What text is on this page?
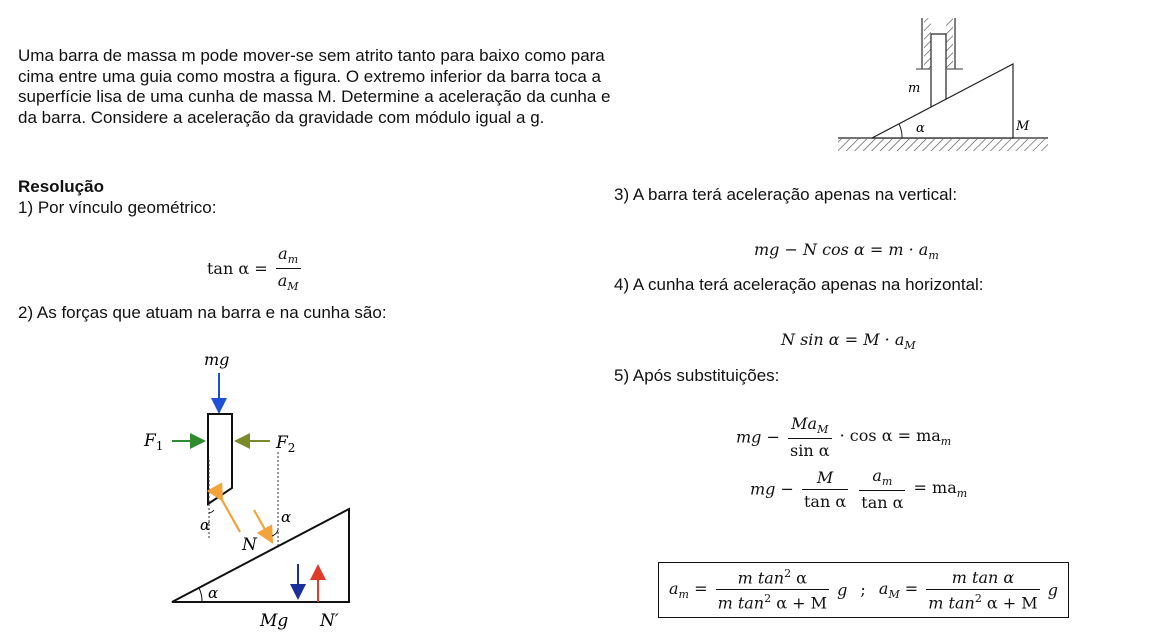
Uma barra de massa m pode mover-se sem atrito tanto para baixo como para
cima entre uma guia como mostra a figura. O extremo inferior da barra toca a
superfície lisa de uma cunha de massa M. Determine a aceleração da cunha e
da barra. Considere a aceleração da gravidade com módulo igual a g.
m
α	M
Resolução
1) Por vínculo geométrico:
$\tan \alpha = \frac{a_m}{a_M}$
2) As forças que atuam na barra e na cunha são:
mg
$F_1$	$F_2$
α	α
N
α
Mg N′
3) A barra terá aceleração apenas na vertical:
mg − N $\cos \alpha = m \cdot a_m$
4) A cunha terá aceleração apenas na horizontal:
N $\sin \alpha = M \cdot a_M$
5) Após substituições:
mg − $\frac{Ma_M}{\text{sin α}} \cdot \cos \alpha = ma_m$
mg − $\frac{M}{\text{tan α}}$
$\frac{a_m}{\text{tan α}} = ma_m$
$a_m = \frac{m \tan^2 \alpha}{m \tan^2 \alpha + M}$ g ; $a_M = \frac{\text{m tan α}}{m \tan^2 \alpha + M}$ g
